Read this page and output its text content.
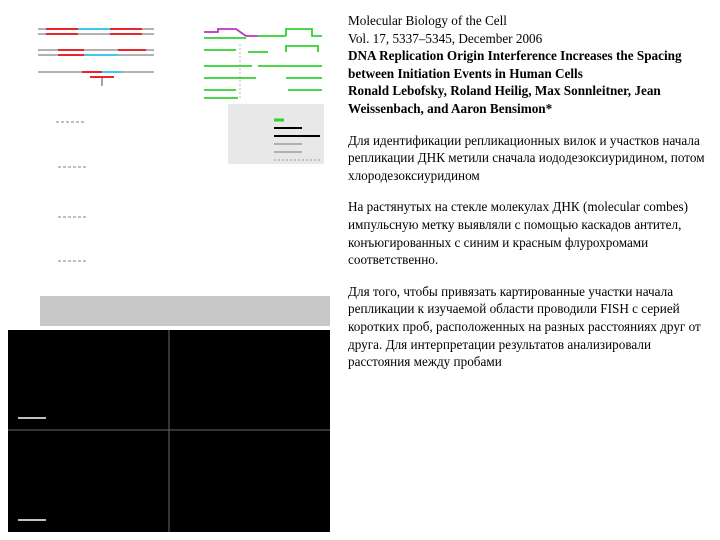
Molecular Biology of the Cell
Vol. 17, 5337–5345, December 2006
DNA Replication Origin Interference Increases the Spacing between Initiation Events in Human Cells
Ronald Lebofsky, Roland Heilig, Max Sonnleitner, Jean Weissenbach, and Aaron Bensimon*

Для идентификации репликационных вилок и участков начала репликации ДНК метили сначала иододезоксиуридином, потом хлородезоксиуридином

На растянутых на стекле молекулах ДНК (molecular combes) импульсную метку выявляли с помощью каскадов антител, конъюгированных с синим и красным флурохромами соответственно.

Для того, чтобы привязать картированные участки начала репликации к изучаемой области проводили FISH с серией коротких проб, расположенных на разных расстояниях друг от друга. Для интерпретации результатов анализировали расстояния между пробами
